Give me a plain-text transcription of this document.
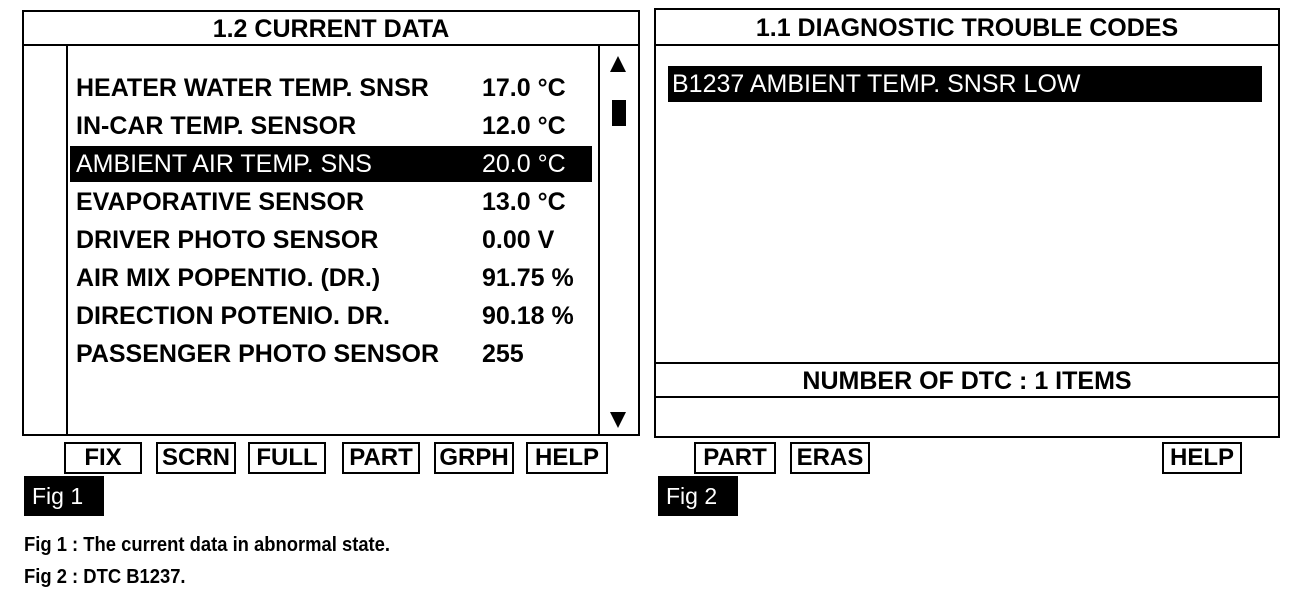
1.2 CURRENT DATA
HEATER WATER TEMP. SNSR 17.0 °C
IN-CAR TEMP. SENSOR	12.0 °C
AMBIENT AIR TEMP. SNS	20.0 °C
EVAPORATIVE SENSOR	13.0 °C
DRIVER PHOTO SENSOR	0.00 V
AIR MIX POPENTIO. (DR.)	91.75 %
DIRECTION POTENIO. DR.	90.18 %
PASSENGER PHOTO SENSOR 255
FIX	SCRN	FULL	PART	GRPH	HELP
Fig 1
1.1 DIAGNOSTIC TROUBLE CODES
B1237 AMBIENT TEMP. SNSR LOW
NUMBER OF DTC : 1 ITEMS
PART	ERAS	HELP
Fig 2
Fig 1 : The current data in abnormal state.
Fig 2 : DTC B1237.
